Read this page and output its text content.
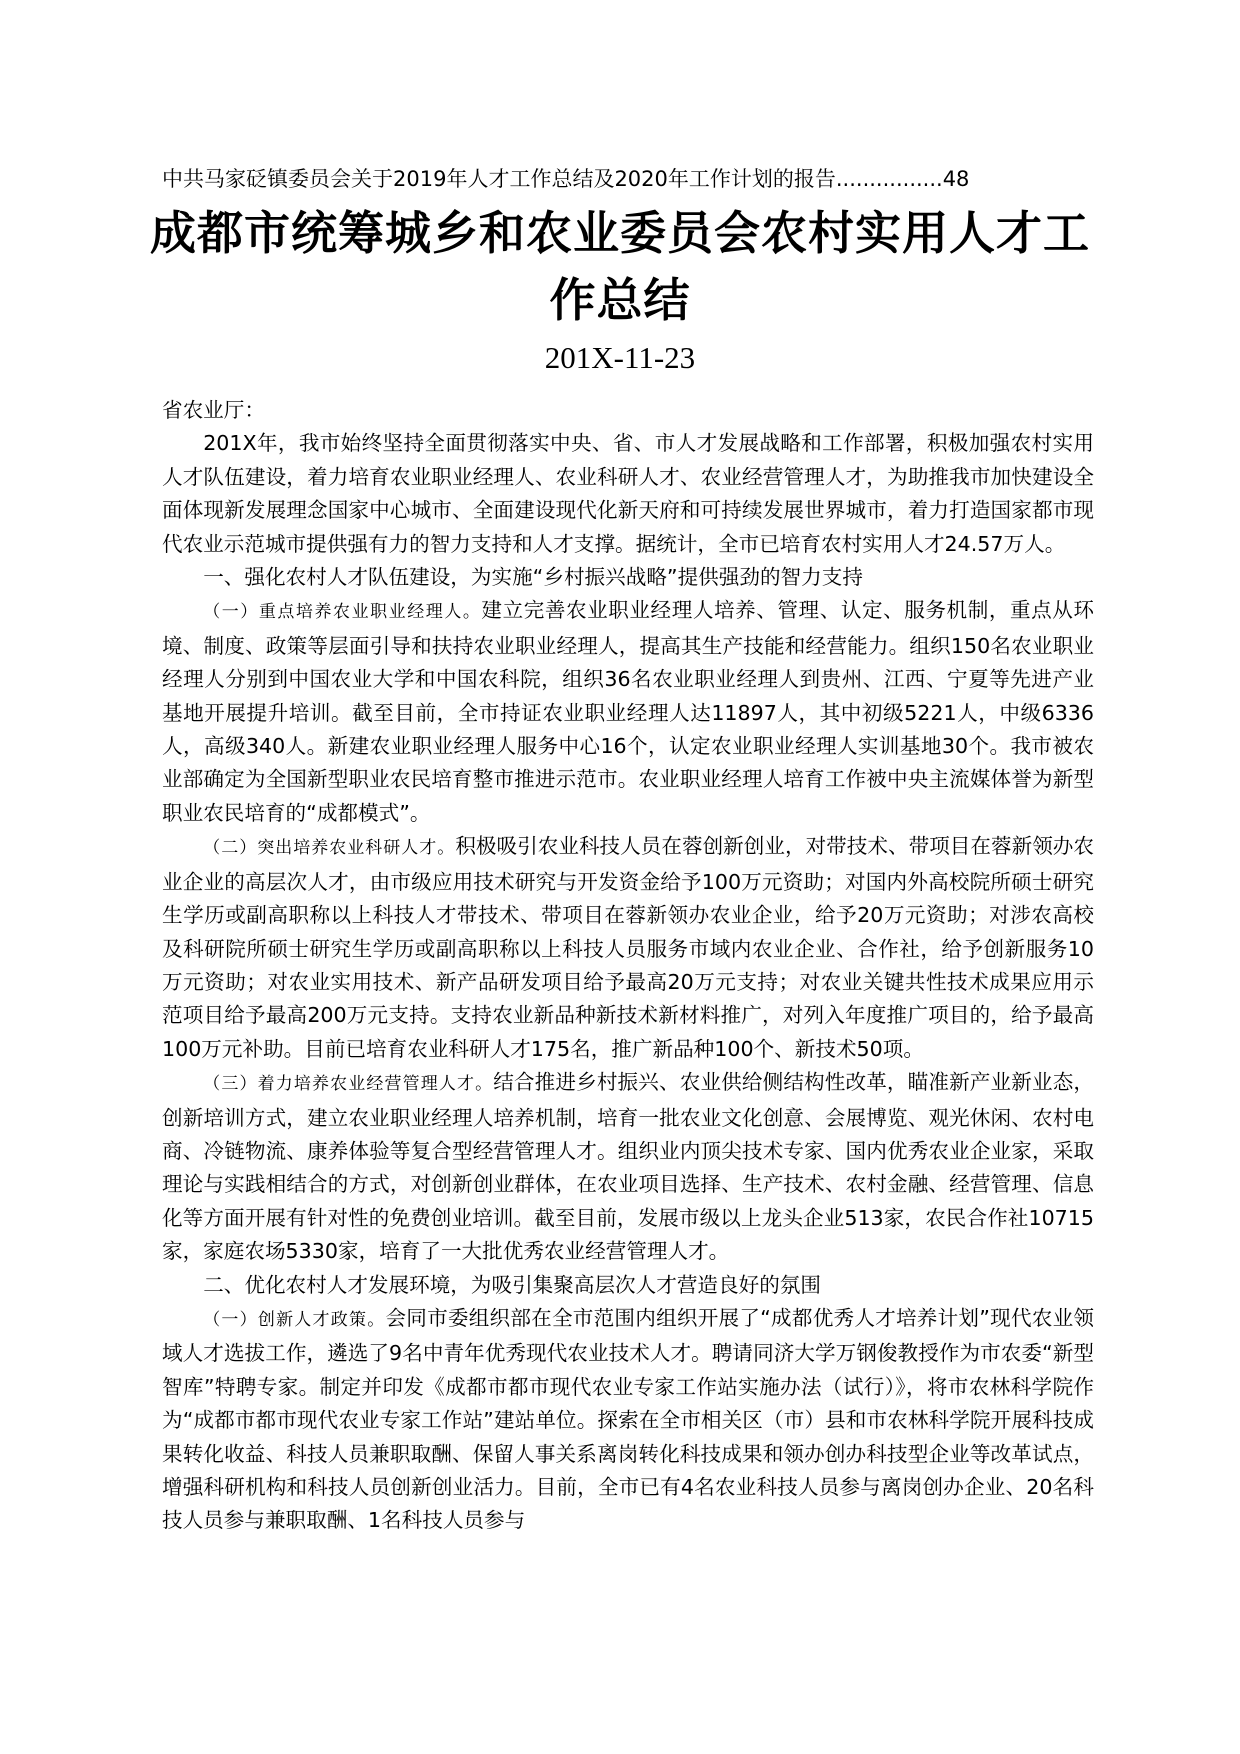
中共马家砭镇委员会关于2019年人才工作总结及2020年工作计划的报告................48
成都市统筹城乡和农业委员会农村实用人才工作总结
201X-11-23

省农业厅：

201X年，我市始终坚持全面贯彻落实中央、省、市人才发展战略和工作部署，积极加强农村实用人才队伍建设，着力培育农业职业经理人、农业科研人才、农业经营管理人才，为助推我市加快建设全面体现新发展理念国家中心城市、全面建设现代化新天府和可持续发展世界城市，着力打造国家都市现代农业示范城市提供强有力的智力支持和人才支撑。据统计，全市已培育农村实用人才24.57万人。

一、强化农村人才队伍建设，为实施“乡村振兴战略”提供强劲的智力支持

（一）重点培养农业职业经理人。建立完善农业职业经理人培养、管理、认定、服务机制，重点从环境、制度、政策等层面引导和扶持农业职业经理人，提高其生产技能和经营能力。组织150名农业职业经理人分别到中国农业大学和中国农科院，组织36名农业职业经理人到贵州、江西、宁夏等先进产业基地开展提升培训。截至目前，全市持证农业职业经理人达11897人，其中初级5221人，中级6336人，高级340人。新建农业职业经理人服务中心16个，认定农业职业经理人实训基地30个。我市被农业部确定为全国新型职业农民培育整市推进示范市。农业职业经理人培育工作被中央主流媒体誉为新型职业农民培育的“成都模式”。

（二）突出培养农业科研人才。积极吸引农业科技人员在蓉创新创业，对带技术、带项目在蓉新领办农业企业的高层次人才，由市级应用技术研究与开发资金给予100万元资助；对国内外高校院所硕士研究生学历或副高职称以上科技人才带技术、带项目在蓉新领办农业企业，给予20万元资助；对涉农高校及科研院所硕士研究生学历或副高职称以上科技人员服务市域内农业企业、合作社，给予创新服务10万元资助；对农业实用技术、新产品研发项目给予最高20万元支持；对农业关键共性技术成果应用示范项目给予最高200万元支持。支持农业新品种新技术新材料推广，对列入年度推广项目的，给予最高100万元补助。目前已培育农业科研人才175名，推广新品种100个、新技术50项。

（三）着力培养农业经营管理人才。结合推进乡村振兴、农业供给侧结构性改革，瞄准新产业新业态，创新培训方式，建立农业职业经理人培养机制，培育一批农业文化创意、会展博览、观光休闲、农村电商、冷链物流、康养体验等复合型经营管理人才。组织业内顶尖技术专家、国内优秀农业企业家，采取理论与实践相结合的方式，对创新创业群体，在农业项目选择、生产技术、农村金融、经营管理、信息化等方面开展有针对性的免费创业培训。截至目前，发展市级以上龙头企业513家，农民合作社10715家，家庭农场5330家，培育了一大批优秀农业经营管理人才。

二、优化农村人才发展环境，为吸引集聚高层次人才营造良好的氛围

（一）创新人才政策。会同市委组织部在全市范围内组织开展了“成都优秀人才培养计划”现代农业领域人才选拔工作，遴选了9名中青年优秀现代农业技术人才。聘请同济大学万钢俊教授作为市农委“新型智库”特聘专家。制定并印发《成都市都市现代农业专家工作站实施办法（试行）》，将市农林科学院作为“成都市都市现代农业专家工作站”建站单位。探索在全市相关区（市）县和市农林科学院开展科技成果转化收益、科技人员兼职取酬、保留人事关系离岗转化科技成果和领办创办科技型企业等改革试点，增强科研机构和科技人员创新创业活力。目前，全市已有4名农业科技人员参与离岗创办企业、20名科技人员参与兼职取酬、1名科技人员参与
